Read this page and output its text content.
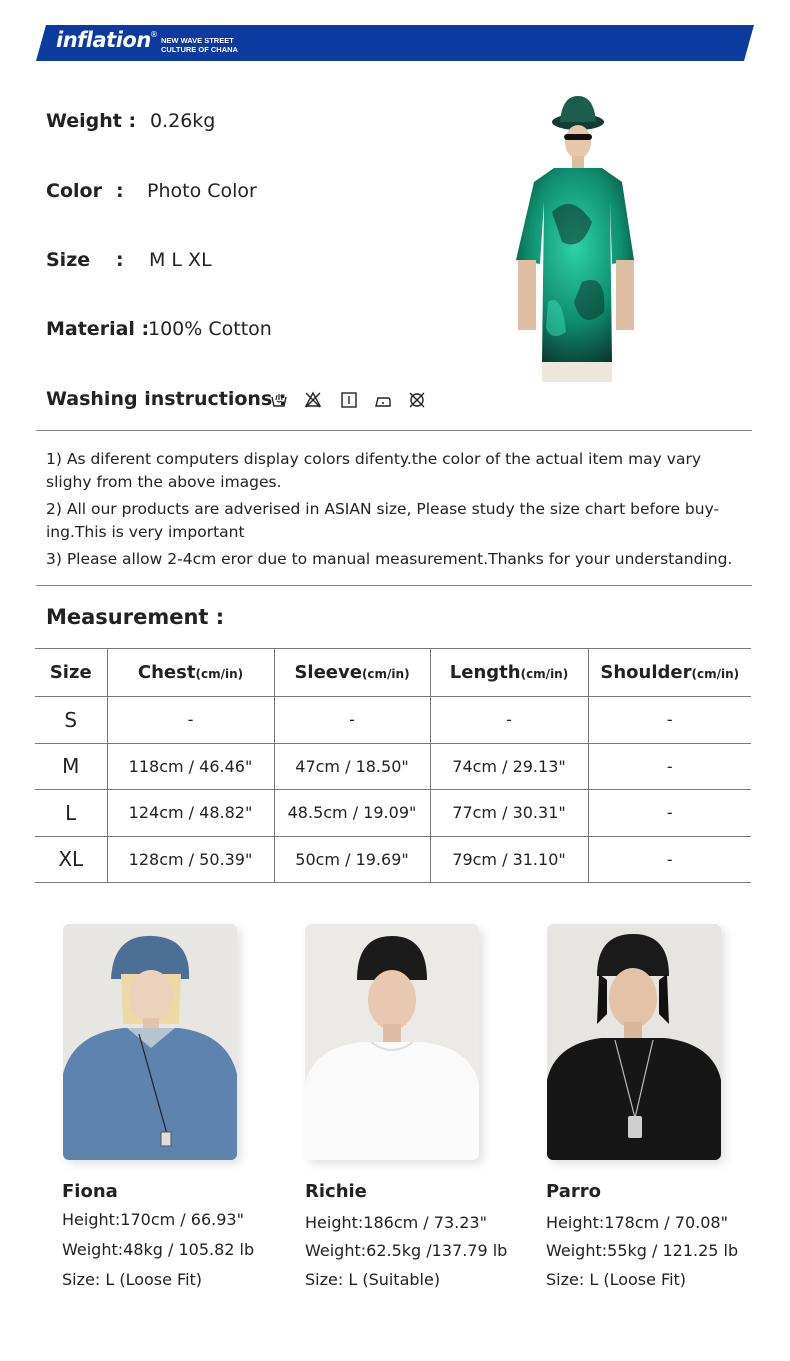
inflation ®
NEW WAVE STREET
CULTURE OF CHANA
Weight : 0.26kg
Color : Photo Color
Size : M L XL
Material :
100% Cotton
Washing instructions :

1) As diferent computers display colors difenty.the color of the actual item may vary slighy from the above images.

2) All our products are adverised in ASIAN size, Please study the size chart before buy-ing.This is very important

3) Please allow 2-4cm eror due to manual measurement.Thanks for your understanding.

Measurement :
Size	Chest(cm/in)	Sleeve(cm/in)	Length(cm/in)	Shoulder(cm/in)
S	-	-	-	-
M	118cm / 46.46"	47cm / 18.50"	74cm / 29.13"	-
L	124cm / 48.82"	48.5cm / 19.09"	77cm / 30.31"	-
XL	128cm / 50.39"	50cm / 19.69"	79cm / 31.10"	-
Fiona
Height:170cm / 66.93"
Weight:48kg / 105.82 lb
Size: L (Loose Fit)
Richie
Height:186cm / 73.23"
Weight:62.5kg /137.79 lb
Size: L (Suitable)
Parro
Height:178cm / 70.08"
Weight:55kg / 121.25 lb
Size: L (Loose Fit)
